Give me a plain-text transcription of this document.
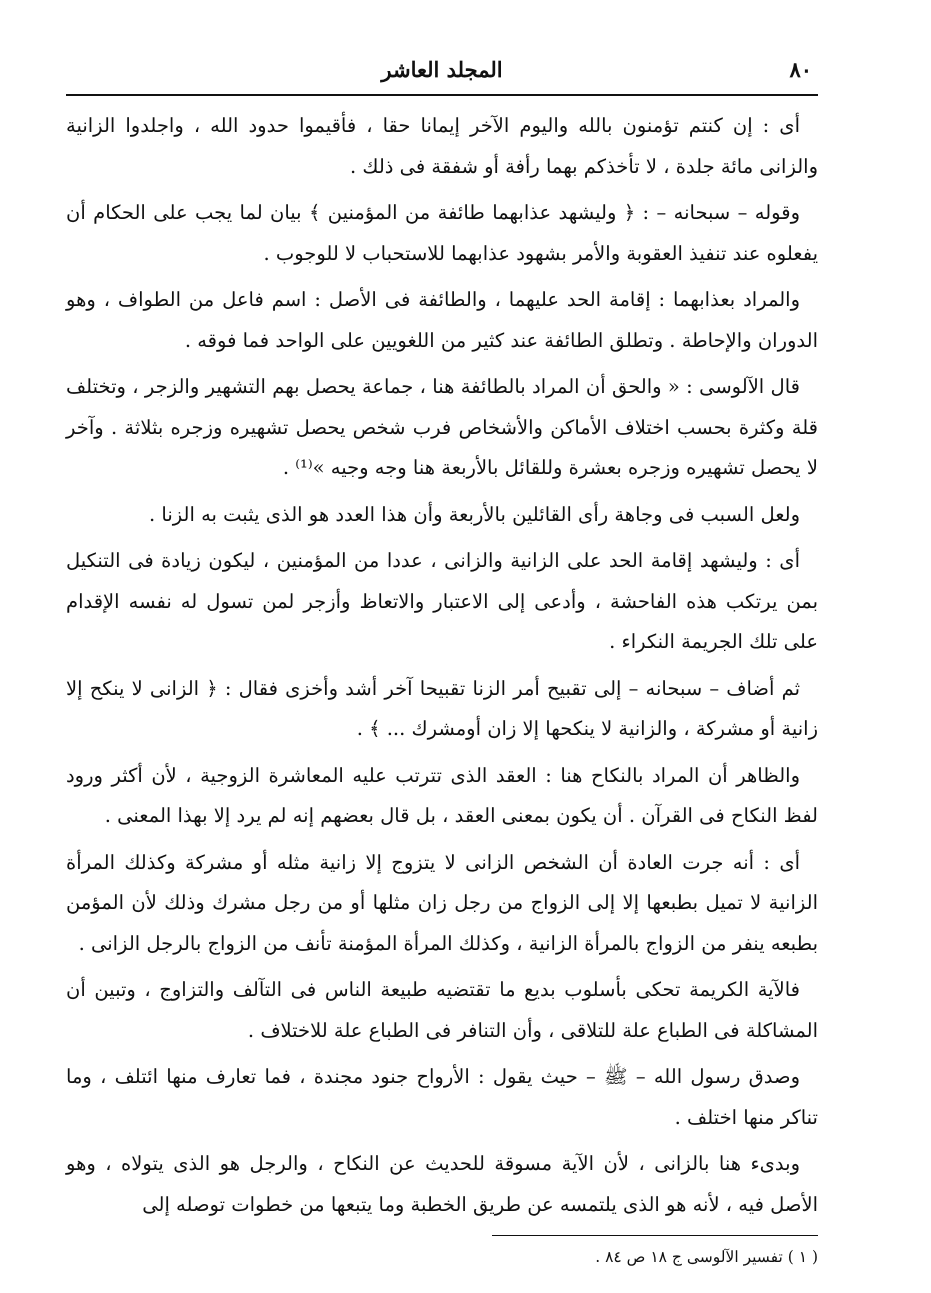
٨٠
المجلد العاشر

أى : إن كنتم تؤمنون بالله واليوم الآخر إيمانا حقا ، فأقيموا حدود الله ، واجلدوا الزانية والزانى مائة جلدة ، لا تأخذكم بهما رأفة أو شفقة فى ذلك .

وقوله – سبحانه – : ﴿ وليشهد عذابهما طائفة من المؤمنين ﴾ بيان لما يجب على الحكام أن يفعلوه عند تنفيذ العقوبة والأمر بشهود عذابهما للاستحباب لا للوجوب .

والمراد بعذابهما : إقامة الحد عليهما ، والطائفة فى الأصل : اسم فاعل من الطواف ، وهو الدوران والإحاطة . وتطلق الطائفة عند كثير من اللغويين على الواحد فما فوقه .

قال الآلوسى : « والحق أن المراد بالطائفة هنا ، جماعة يحصل بهم التشهير والزجر ، وتختلف قلة وكثرة بحسب اختلاف الأماكن والأشخاص فرب شخص يحصل تشهيره وزجره بثلاثة . وآخر لا يحصل تشهيره وزجره بعشرة وللقائل بالأربعة هنا وجه وجيه »⁽¹⁾ .

ولعل السبب فى وجاهة رأى القائلين بالأربعة وأن هذا العدد هو الذى يثبت به الزنا .

أى : وليشهد إقامة الحد على الزانية والزانى ، عددا من المؤمنين ، ليكون زيادة فى التنكيل بمن يرتكب هذه الفاحشة ، وأدعى إلى الاعتبار والاتعاظ وأزجر لمن تسول له نفسه الإقدام على تلك الجريمة النكراء .

ثم أضاف – سبحانه – إلى تقبيح أمر الزنا تقبيحا آخر أشد وأخزى فقال : ﴿ الزانى لا ينكح إلا زانية أو مشركة ، والزانية لا ينكحها إلا زان أومشرك ... ﴾ .

والظاهر أن المراد بالنكاح هنا : العقد الذى تترتب عليه المعاشرة الزوجية ، لأن أكثر ورود لفظ النكاح فى القرآن . أن يكون بمعنى العقد ، بل قال بعضهم إنه لم يرد إلا بهذا المعنى .

أى : أنه جرت العادة أن الشخص الزانى لا يتزوج إلا زانية مثله أو مشركة وكذلك المرأة الزانية لا تميل بطبعها إلا إلى الزواج من رجل زان مثلها أو من رجل مشرك وذلك لأن المؤمن بطبعه ينفر من الزواج بالمرأة الزانية ، وكذلك المرأة المؤمنة تأنف من الزواج بالرجل الزانى .

فالآية الكريمة تحكى بأسلوب بديع ما تقتضيه طبيعة الناس فى التآلف والتزاوج ، وتبين أن المشاكلة فى الطباع علة للتلاقى ، وأن التنافر فى الطباع علة للاختلاف .

وصدق رسول الله – ﷺ – حيث يقول : الأرواح جنود مجندة ، فما تعارف منها ائتلف ، وما تناكر منها اختلف .

وبدىء هنا بالزانى ، لأن الآية مسوقة للحديث عن النكاح ، والرجل هو الذى يتولاه ، وهو الأصل فيه ، لأنه هو الذى يلتمسه عن طريق الخطبة وما يتبعها من خطوات توصله إلى

( ١ ) تفسير الآلوسى ج ١٨ ص ٨٤ .
